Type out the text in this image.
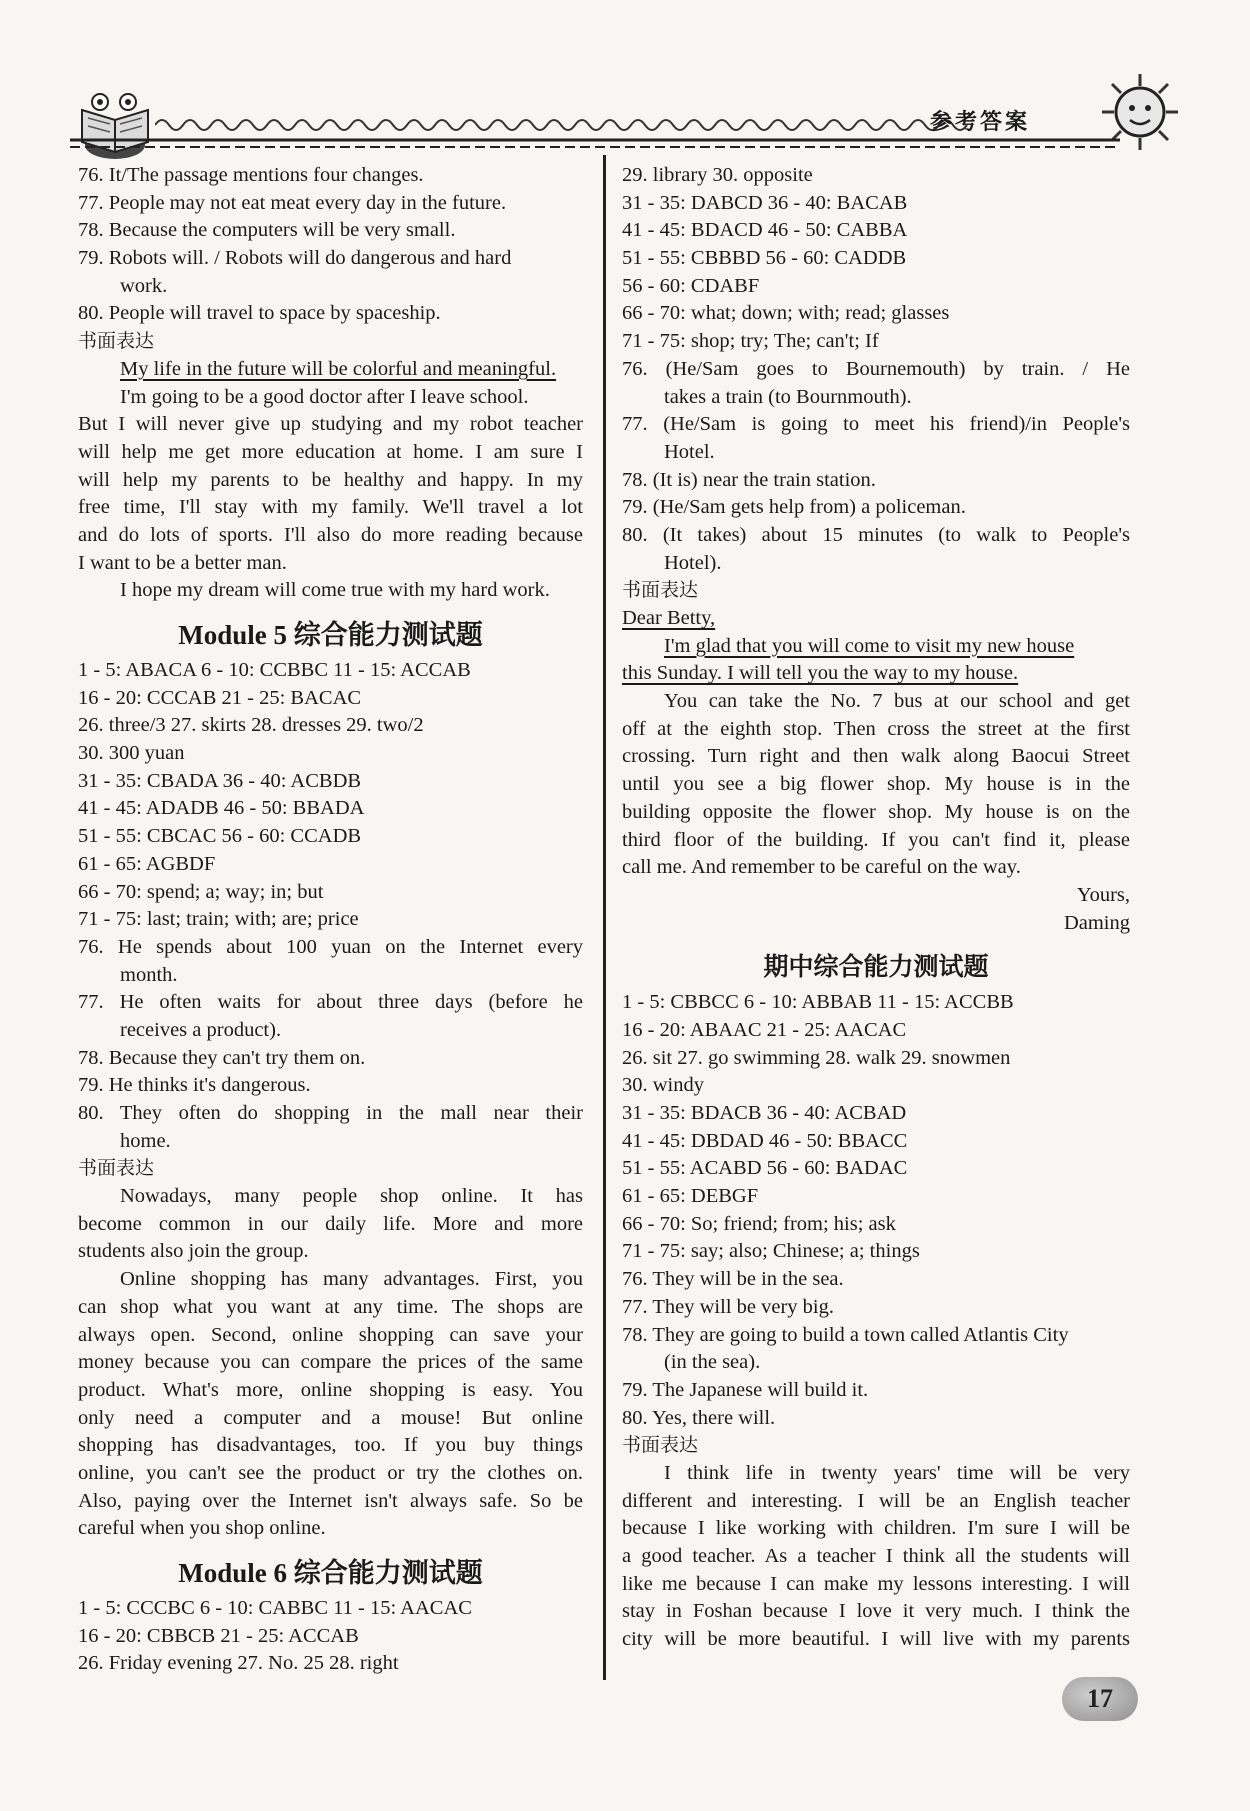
参考答案
76. It/The passage mentions four changes.
77. People may not eat meat every day in the future.
78. Because the computers will be very small.
79. Robots will. / Robots will do dangerous and hard
work.
80. People will travel to space by spaceship.
书面表达
My life in the future will be colorful and meaningful.
I'm going to be a good doctor after I leave school.
But I will never give up studying and my robot teacher
will help me get more education at home. I am sure I
will help my parents to be healthy and happy. In my
free time, I'll stay with my family. We'll travel a lot
and do lots of sports. I'll also do more reading because
I want to be a better man.
I hope my dream will come true with my hard work.
Module 5 综合能力测试题
1 - 5: ABACA 6 - 10: CCBBC 11 - 15: ACCAB
16 - 20: CCCAB 21 - 25: BACAC
26. three/3 27. skirts 28. dresses 29. two/2
30. 300 yuan
31 - 35: CBADA 36 - 40: ACBDB
41 - 45: ADADB 46 - 50: BBADA
51 - 55: CBCAC 56 - 60: CCADB
61 - 65: AGBDF
66 - 70: spend; a; way; in; but
71 - 75: last; train; with; are; price
76. He spends about 100 yuan on the Internet every
month.
77. He often waits for about three days (before he
receives a product).
78. Because they can't try them on.
79. He thinks it's dangerous.
80. They often do shopping in the mall near their
home.
书面表达
Nowadays, many people shop online. It has
become common in our daily life. More and more
students also join the group.
Online shopping has many advantages. First, you
can shop what you want at any time. The shops are
always open. Second, online shopping can save your
money because you can compare the prices of the same
product. What's more, online shopping is easy. You
only need a computer and a mouse! But online
shopping has disadvantages, too. If you buy things
online, you can't see the product or try the clothes on.
Also, paying over the Internet isn't always safe. So be
careful when you shop online.
Module 6 综合能力测试题
1 - 5: CCCBC 6 - 10: CABBC 11 - 15: AACAC
16 - 20: CBBCB 21 - 25: ACCAB
26. Friday evening 27. No. 25 28. right
29. library 30. opposite
31 - 35: DABCD 36 - 40: BACAB
41 - 45: BDACD 46 - 50: CABBA
51 - 55: CBBBD 56 - 60: CADDB
56 - 60: CDABF
66 - 70: what; down; with; read; glasses
71 - 75: shop; try; The; can't; If
76. (He/Sam goes to Bournemouth) by train. / He
takes a train (to Bournmouth).
77. (He/Sam is going to meet his friend)/in People's
Hotel.
78. (It is) near the train station.
79. (He/Sam gets help from) a policeman.
80. (It takes) about 15 minutes (to walk to People's
Hotel).
书面表达
Dear Betty,
I'm glad that you will come to visit my new house
this Sunday. I will tell you the way to my house.
You can take the No. 7 bus at our school and get
off at the eighth stop. Then cross the street at the first
crossing. Turn right and then walk along Baocui Street
until you see a big flower shop. My house is in the
building opposite the flower shop. My house is on the
third floor of the building. If you can't find it, please
call me. And remember to be careful on the way.
Yours,
Daming
期中综合能力测试题
1 - 5: CBBCC 6 - 10: ABBAB 11 - 15: ACCBB
16 - 20: ABAAC 21 - 25: AACAC
26. sit 27. go swimming 28. walk 29. snowmen
30. windy
31 - 35: BDACB 36 - 40: ACBAD
41 - 45: DBDAD 46 - 50: BBACC
51 - 55: ACABD 56 - 60: BADAC
61 - 65: DEBGF
66 - 70: So; friend; from; his; ask
71 - 75: say; also; Chinese; a; things
76. They will be in the sea.
77. They will be very big.
78. They are going to build a town called Atlantis City
(in the sea).
79. The Japanese will build it.
80. Yes, there will.
书面表达
I think life in twenty years' time will be very
different and interesting. I will be an English teacher
because I like working with children. I'm sure I will be
a good teacher. As a teacher I think all the students will
like me because I can make my lessons interesting. I will
stay in Foshan because I love it very much. I think the
city will be more beautiful. I will live with my parents
17
